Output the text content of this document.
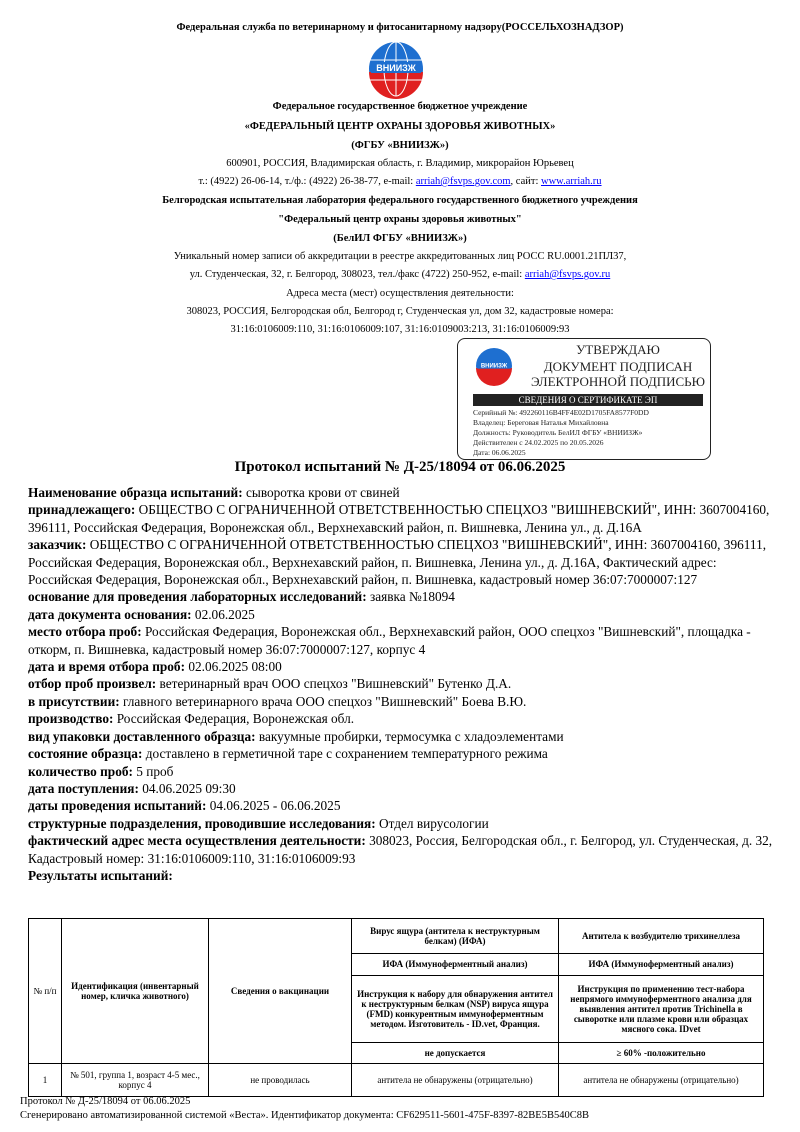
Федеральная служба по ветеринарному и фитосанитарному надзору(РОССЕЛЬХОЗНАДЗОР)
ВНИИЗЖ
Федеральное государственное бюджетное учреждение
«ФЕДЕРАЛЬНЫЙ ЦЕНТР ОХРАНЫ ЗДОРОВЬЯ ЖИВОТНЫХ»
(ФГБУ «ВНИИЗЖ»)
600901, РОССИЯ, Владимирская область, г. Владимир, микрорайон Юрьевец
т.: (4922) 26-06-14, т./ф.: (4922) 26-38-77, e-mail: arriah@fsvps.gov.com, сайт: www.arriah.ru
Белгородская испытательная лаборатория федерального государственного бюджетного учреждения
"Федеральный центр охраны здоровья животных"
(БелИЛ ФГБУ «ВНИИЗЖ»)
Уникальный номер записи об аккредитации в реестре аккредитованных лиц РОСС RU.0001.21ПЛ37,
ул. Студенческая, 32, г. Белгород, 308023, тел./факс (4722) 250-952, e-mail: arriah@fsvps.gov.ru
Адреса места (мест) осуществления деятельности:
308023, РОССИЯ, Белгородская обл, Белгород г, Студенческая ул, дом 32, кадастровые номера:
31:16:0106009:110, 31:16:0106009:107, 31:16:0109003:213, 31:16:0106009:93
ВНИИЗЖ
УТВЕРЖДАЮ
ДОКУМЕНТ ПОДПИСАН
ЭЛЕКТРОННОЙ ПОДПИСЬЮ
СВЕДЕНИЯ О СЕРТИФИКАТЕ ЭП
Серийный №: 492260116B4FF4E02D1705FA8577F0DD
Владелец: Береговая Наталья Михайловна
Должность: Руководитель БелИЛ ФГБУ «ВНИИЗЖ»
Действителен с 24.02.2025 по 20.05.2026
Дата: 06.06.2025
Протокол испытаний № Д-25/18094 от 06.06.2025

Наименование образца испытаний: сыворотка крови от свиней

принадлежащего: ОБЩЕСТВО С ОГРАНИЧЕННОЙ ОТВЕТСТВЕННОСТЬЮ СПЕЦХОЗ "ВИШНЕВСКИЙ", ИНН: 3607004160, 396111, Российская Федерация, Воронежская обл., Верхнехавский район, п. Вишневка, Ленина ул., д. Д.16А

заказчик: ОБЩЕСТВО С ОГРАНИЧЕННОЙ ОТВЕТСТВЕННОСТЬЮ СПЕЦХОЗ "ВИШНЕВСКИЙ", ИНН: 3607004160, 396111, Российская Федерация, Воронежская обл., Верхнехавский район, п. Вишневка, Ленина ул., д. Д.16А, Фактический адрес: Российская Федерация, Воронежская обл., Верхнехавский район, п. Вишневка, кадастровый номер 36:07:7000007:127

основание для проведения лабораторных исследований: заявка №18094

дата документа основания: 02.06.2025

место отбора проб: Российская Федерация, Воронежская обл., Верхнехавский район, ООО спецхоз "Вишневский", площадка - откорм, п. Вишневка, кадастровый номер 36:07:7000007:127, корпус 4

дата и время отбора проб: 02.06.2025 08:00

отбор проб произвел: ветеринарный врач ООО спецхоз "Вишневский" Бутенко Д.А.

в присутствии: главного ветеринарного врача ООО спецхоз "Вишневский" Боева В.Ю.

производство: Российская Федерация, Воронежская обл.

вид упаковки доставленного образца: вакуумные пробирки, термосумка с хладоэлементами

состояние образца: доставлено в герметичной таре с сохранением температурного режима

количество проб: 5 проб

дата поступления: 04.06.2025 09:30

даты проведения испытаний: 04.06.2025 - 06.06.2025

структурные подразделения, проводившие исследования: Отдел вирусологии

фактический адрес места осуществления деятельности: 308023, Россия, Белгородская обл., г. Белгород, ул. Студенческая, д. 32, Кадастровый номер: 31:16:0106009:110, 31:16:0106009:93

Результаты испытаний:

№ п/п	Идентификация (инвентарный номер, кличка животного)	Сведения о вакцинации	Вирус ящура (антитела к неструктурным белкам) (ИФА)	Антитела к возбудителю трихинеллеза
			ИФА (Иммуноферментный анализ)	ИФА (Иммуноферментный анализ)
			Инструкция к набору для обнаружения антител к неструктурным белкам (NSP) вируса ящура (FMD) конкурентным иммуноферментным методом. Изготовитель - ID.vet, Франция.	Инструкция по применению тест-набора непрямого иммуноферментного анализа для выявления антител против Trichinella в сыворотке или плазме крови или образцах мясного сока. IDvet
			не допускается	≥ 60% -положительно
1	№ 501, группа 1, возраст 4-5 мес., корпус 4	не проводилась	антитела не обнаружены (отрицательно)	антитела не обнаружены (отрицательно)
Протокол № Д-25/18094 от 06.06.2025
Сгенерировано автоматизированной системой «Веста». Идентификатор документа: CF629511-5601-475F-8397-82BE5B540C8B
